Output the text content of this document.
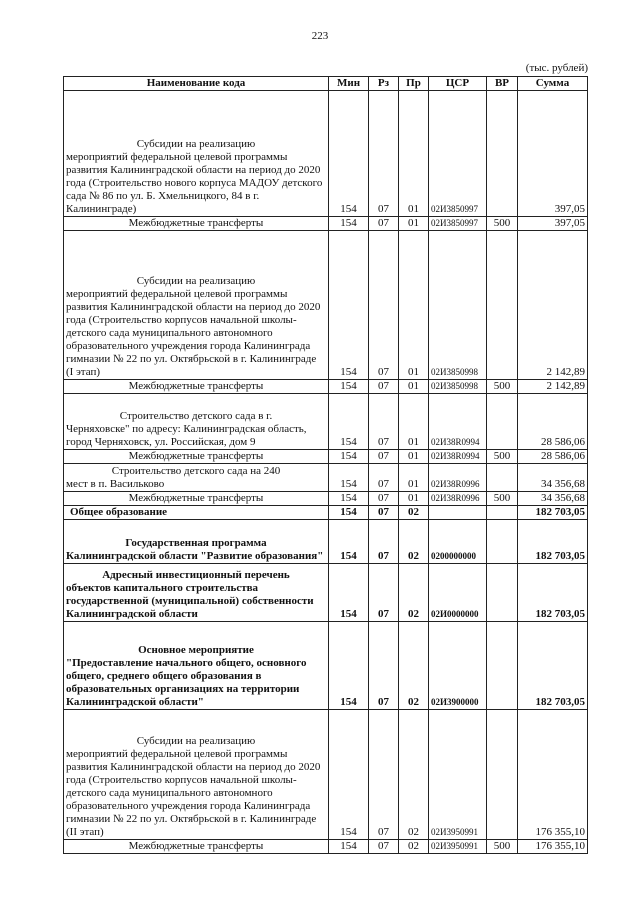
223
(тыс. рублей)
Наименование кода	Мин	Рз	Пр	ЦСР	ВР	Сумма

Субсидии на реализацию
мероприятий федеральной целевой программы развития Калининградской области на период до 2020 года (Строительство нового корпуса МАДОУ детского сада № 86 по ул. Б. Хмельницкого, 84 в г. Калининграде)	154	07	01	02И3850997		397,05
Межбюджетные трансферты	154	07	01	02И3850997	500	397,05

Субсидии на реализацию
мероприятий федеральной целевой программы развития Калининградской области на период до 2020 года (Строительство корпусов начальной школы-детского сада муниципального автономного образовательного учреждения города Калининграда гимназии № 22 по ул. Октябрьской в г. Калининграде (I этап)	154	07	01	02И3850998		2 142,89
Межбюджетные трансферты	154	07	01	02И3850998	500	2 142,89

Строительство детского сада в г.
Черняховске" по адресу: Калининградская область, город Черняховск, ул. Российская, дом 9	154	07	01	02И38R0994		28 586,06
Межбюджетные трансферты	154	07	01	02И38R0994	500	28 586,06

Строительство детского сада на 240
мест в п. Васильково	154	07	01	02И38R0996		34 356,68
Межбюджетные трансферты	154	07	01	02И38R0996	500	34 356,68
Общее образование	154	07	02			182 703,05

Государственная программа
Калининградской области "Развитие образования"	154	07	02	0200000000		182 703,05

Адресный инвестиционный перечень
объектов капитального строительства государственной (муниципальной) собственности Калининградской области	154	07	02	02И0000000		182 703,05

Основное мероприятие
"Предоставление начального общего, основного общего, среднего общего образования в образовательных организациях на территории Калининградской области"	154	07	02	02И3900000		182 703,05

Субсидии на реализацию
мероприятий федеральной целевой программы развития Калининградской области на период до 2020 года (Строительство корпусов начальной школы-детского сада муниципального автономного образовательного учреждения города Калининграда гимназии № 22 по ул. Октябрьской в г. Калининграде (II этап)	154	07	02	02И3950991		176 355,10
Межбюджетные трансферты	154	07	02	02И3950991	500	176 355,10
